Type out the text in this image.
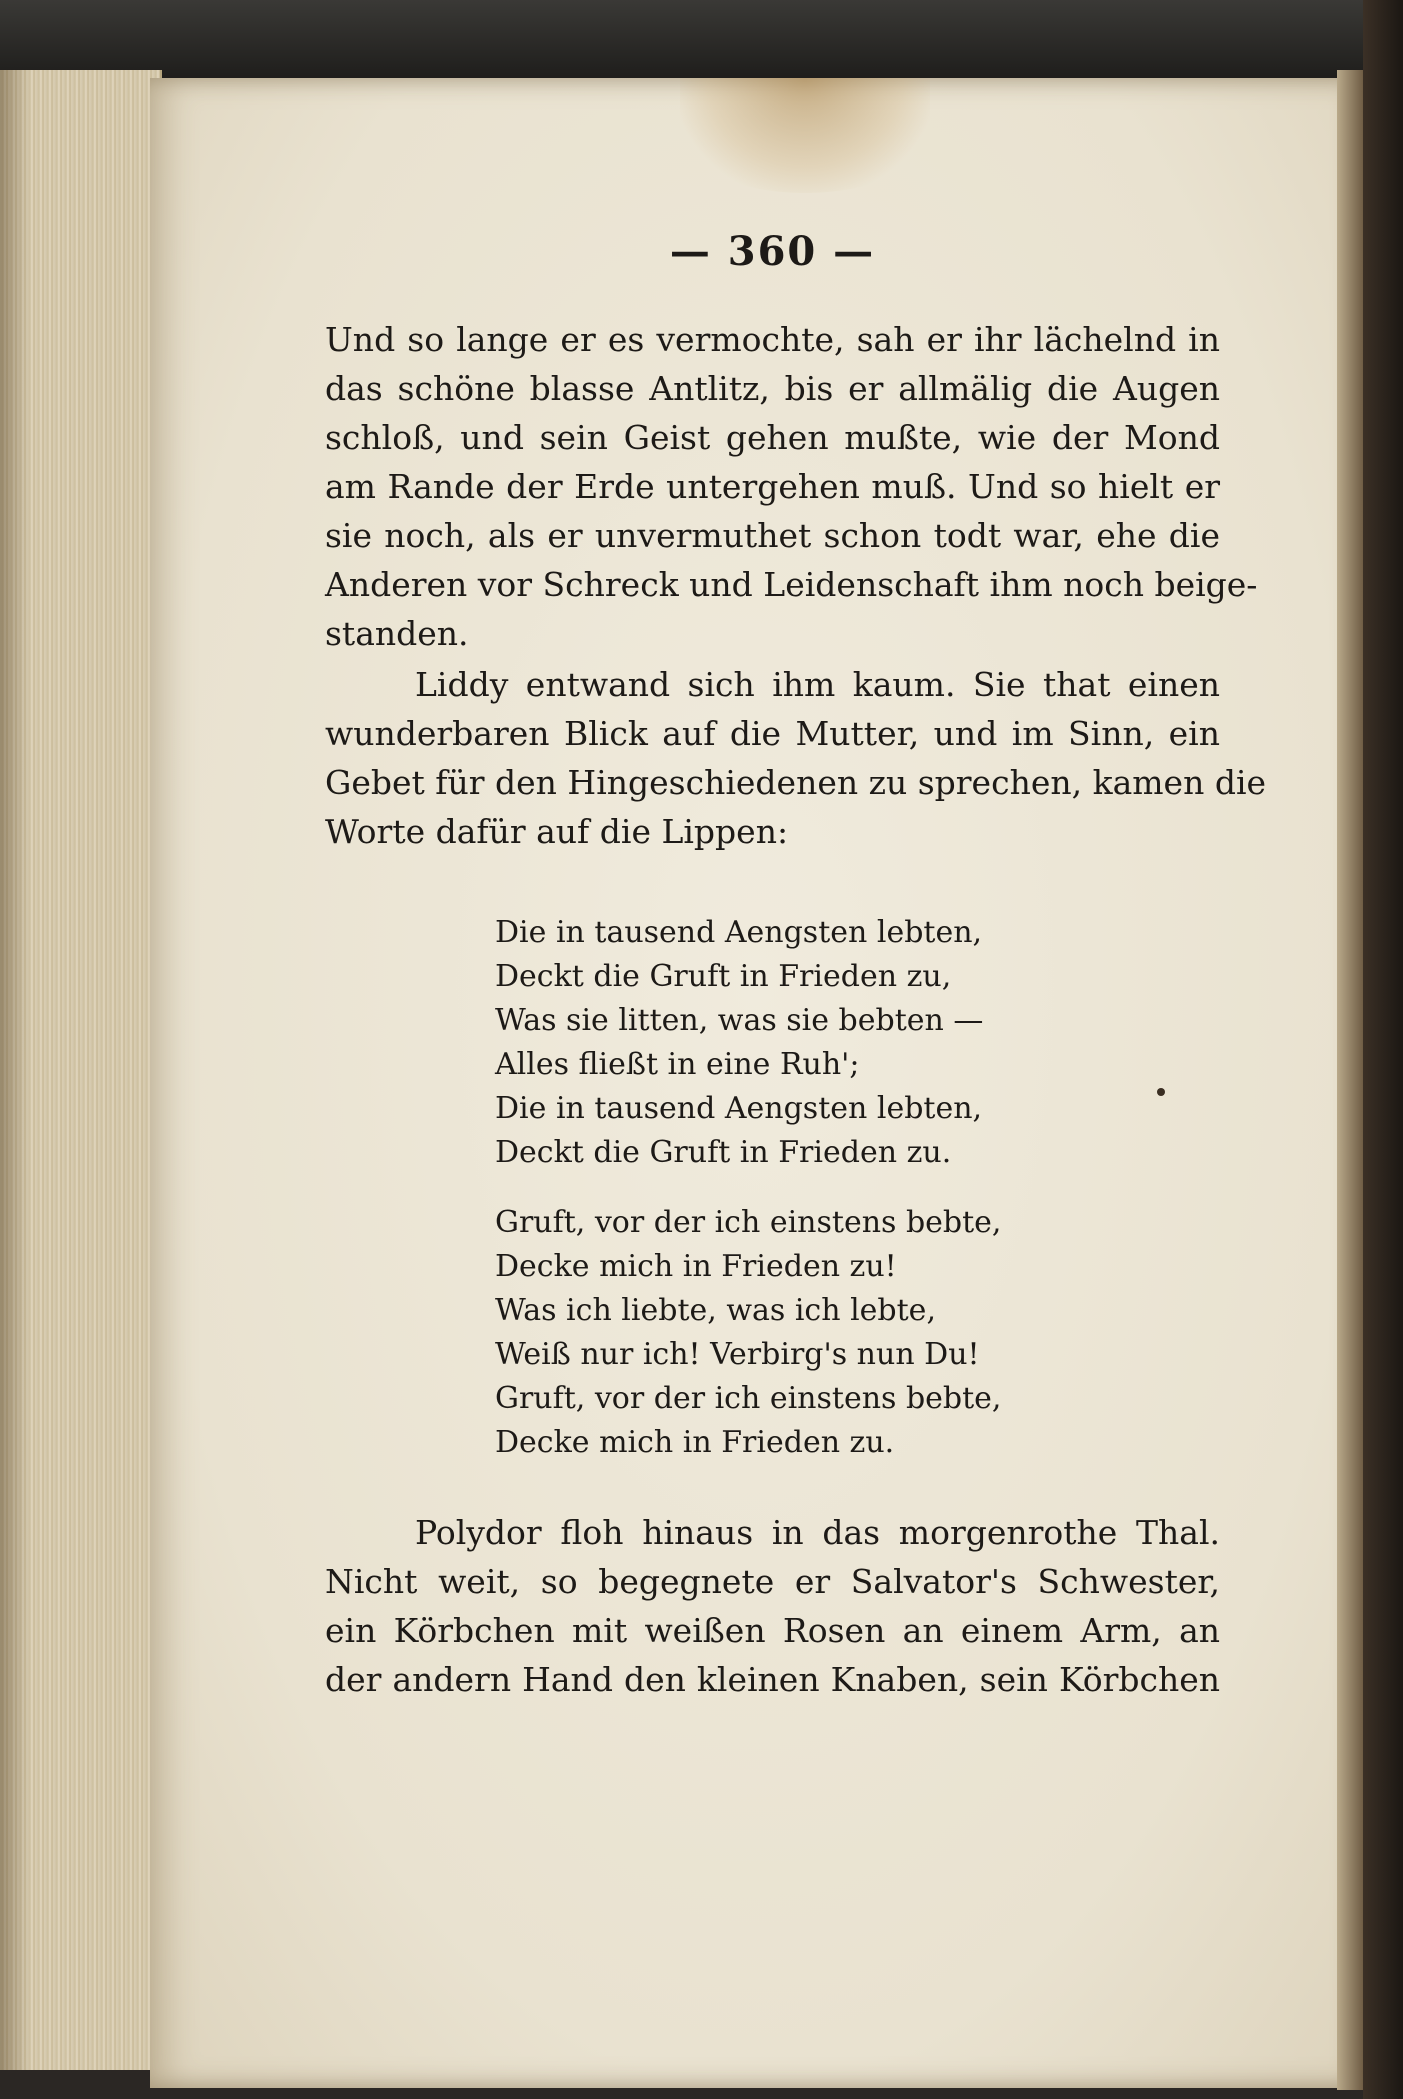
— 360 —
Und so lange er es vermochte, sah er ihr lächelnd in
das schöne blasse Antlitz, bis er allmälig die Augen
schloß, und sein Geist gehen mußte, wie der Mond
am Rande der Erde untergehen muß. Und so hielt er
sie noch, als er unvermuthet schon todt war, ehe die
Anderen vor Schreck und Leidenschaft ihm noch beige-
standen.
Liddy entwand sich ihm kaum. Sie that einen
wunderbaren Blick auf die Mutter, und im Sinn, ein
Gebet für den Hingeschiedenen zu sprechen, kamen die
Worte dafür auf die Lippen:
Die in tausend Aengsten lebten,
Deckt die Gruft in Frieden zu,
Was sie litten, was sie bebten —
Alles fließt in eine Ruh';
Die in tausend Aengsten lebten,
Deckt die Gruft in Frieden zu.
Gruft, vor der ich einstens bebte,
Decke mich in Frieden zu!
Was ich liebte, was ich lebte,
Weiß nur ich! Verbirg's nun Du!
Gruft, vor der ich einstens bebte,
Decke mich in Frieden zu.
Polydor floh hinaus in das morgenrothe Thal.
Nicht weit, so begegnete er Salvator's Schwester,
ein Körbchen mit weißen Rosen an einem Arm, an
der andern Hand den kleinen Knaben, sein Körbchen
